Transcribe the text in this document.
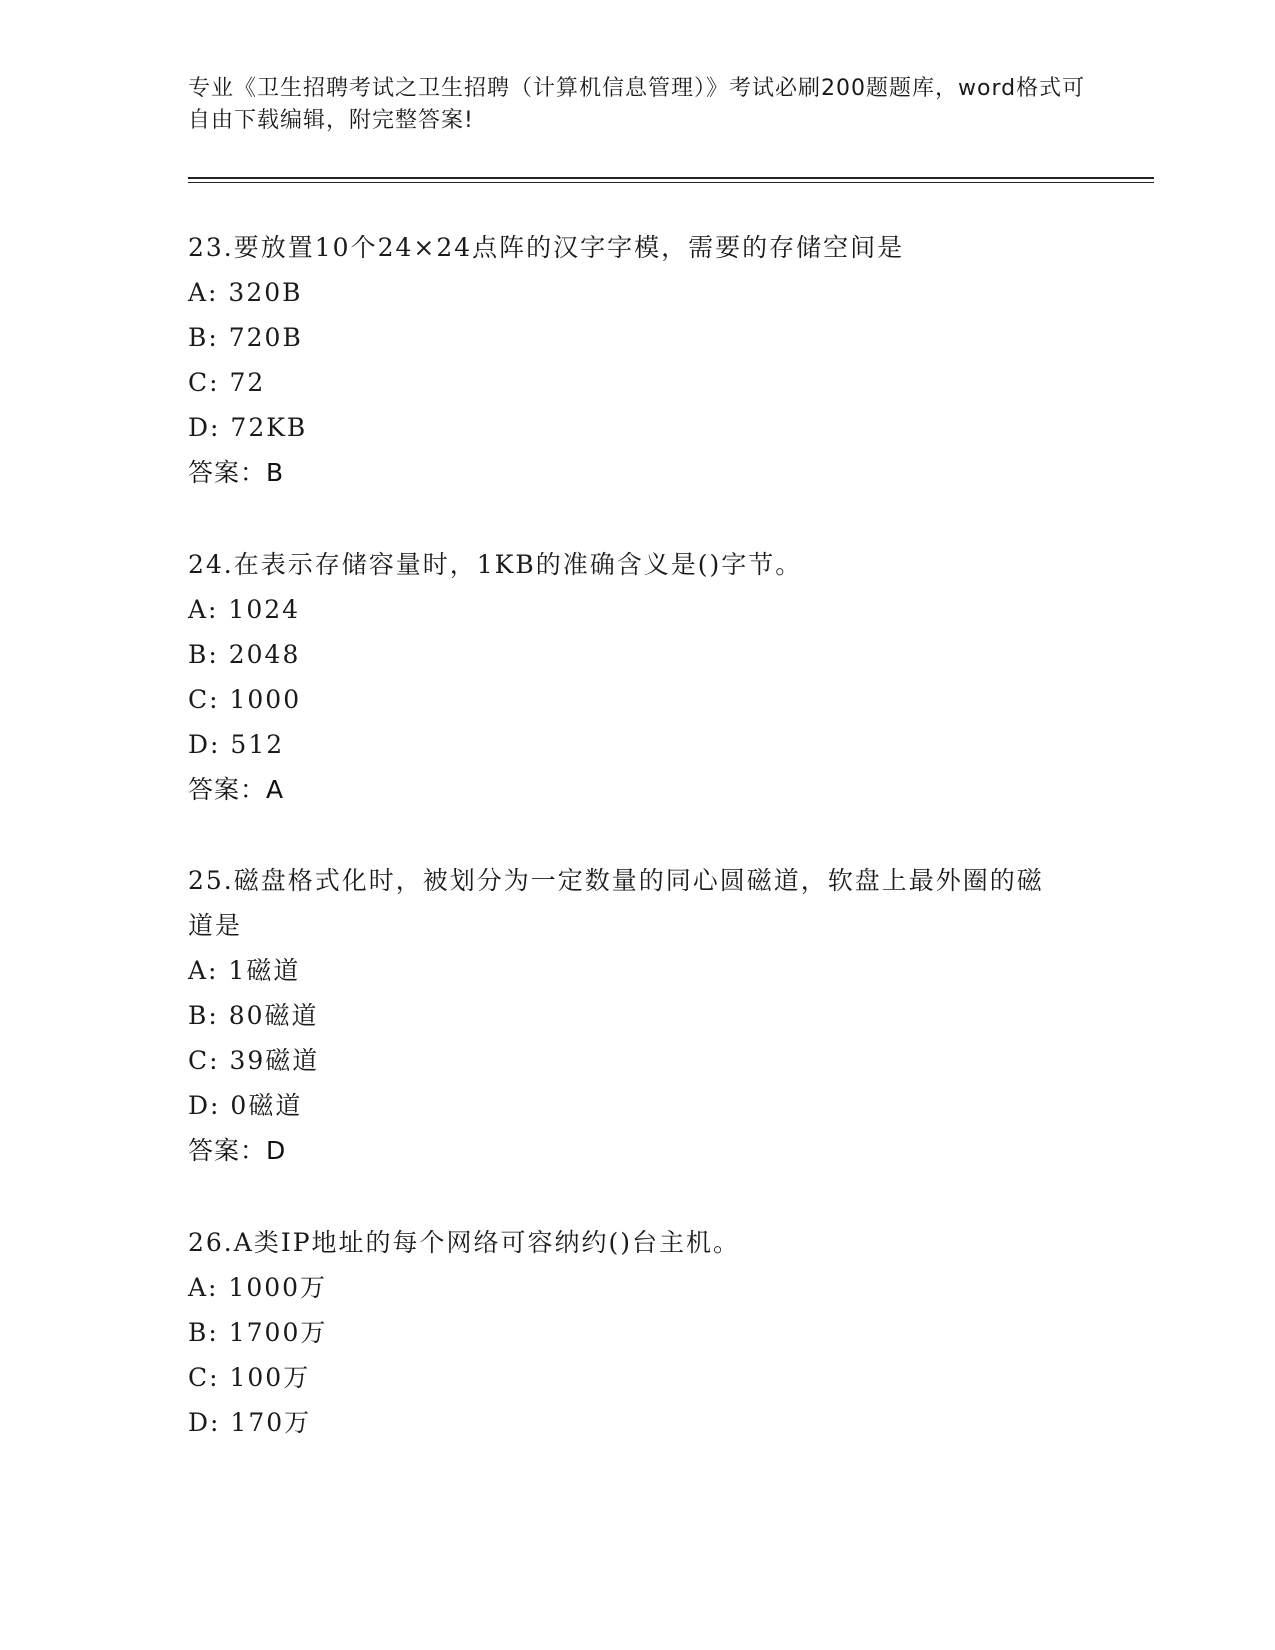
专业《卫生招聘考试之卫生招聘（计算机信息管理）》考试必刷200题题库，word格式可自由下载编辑，附完整答案!

23.要放置10个24×24点阵的汉字字模，需要的存储空间是

A: 320B

B: 720B

C: 72

D: 72KB

答案：B

24.在表示存储容量时，1KB的准确含义是()字节。

A: 1024

B: 2048

C: 1000

D: 512

答案：A

25.磁盘格式化时，被划分为一定数量的同心圆磁道，软盘上最外圈的磁道是

A: 1磁道

B: 80磁道

C: 39磁道

D: 0磁道

答案：D

26.A类IP地址的每个网络可容纳约()台主机。

A: 1000万

B: 1700万

C: 100万

D: 170万
